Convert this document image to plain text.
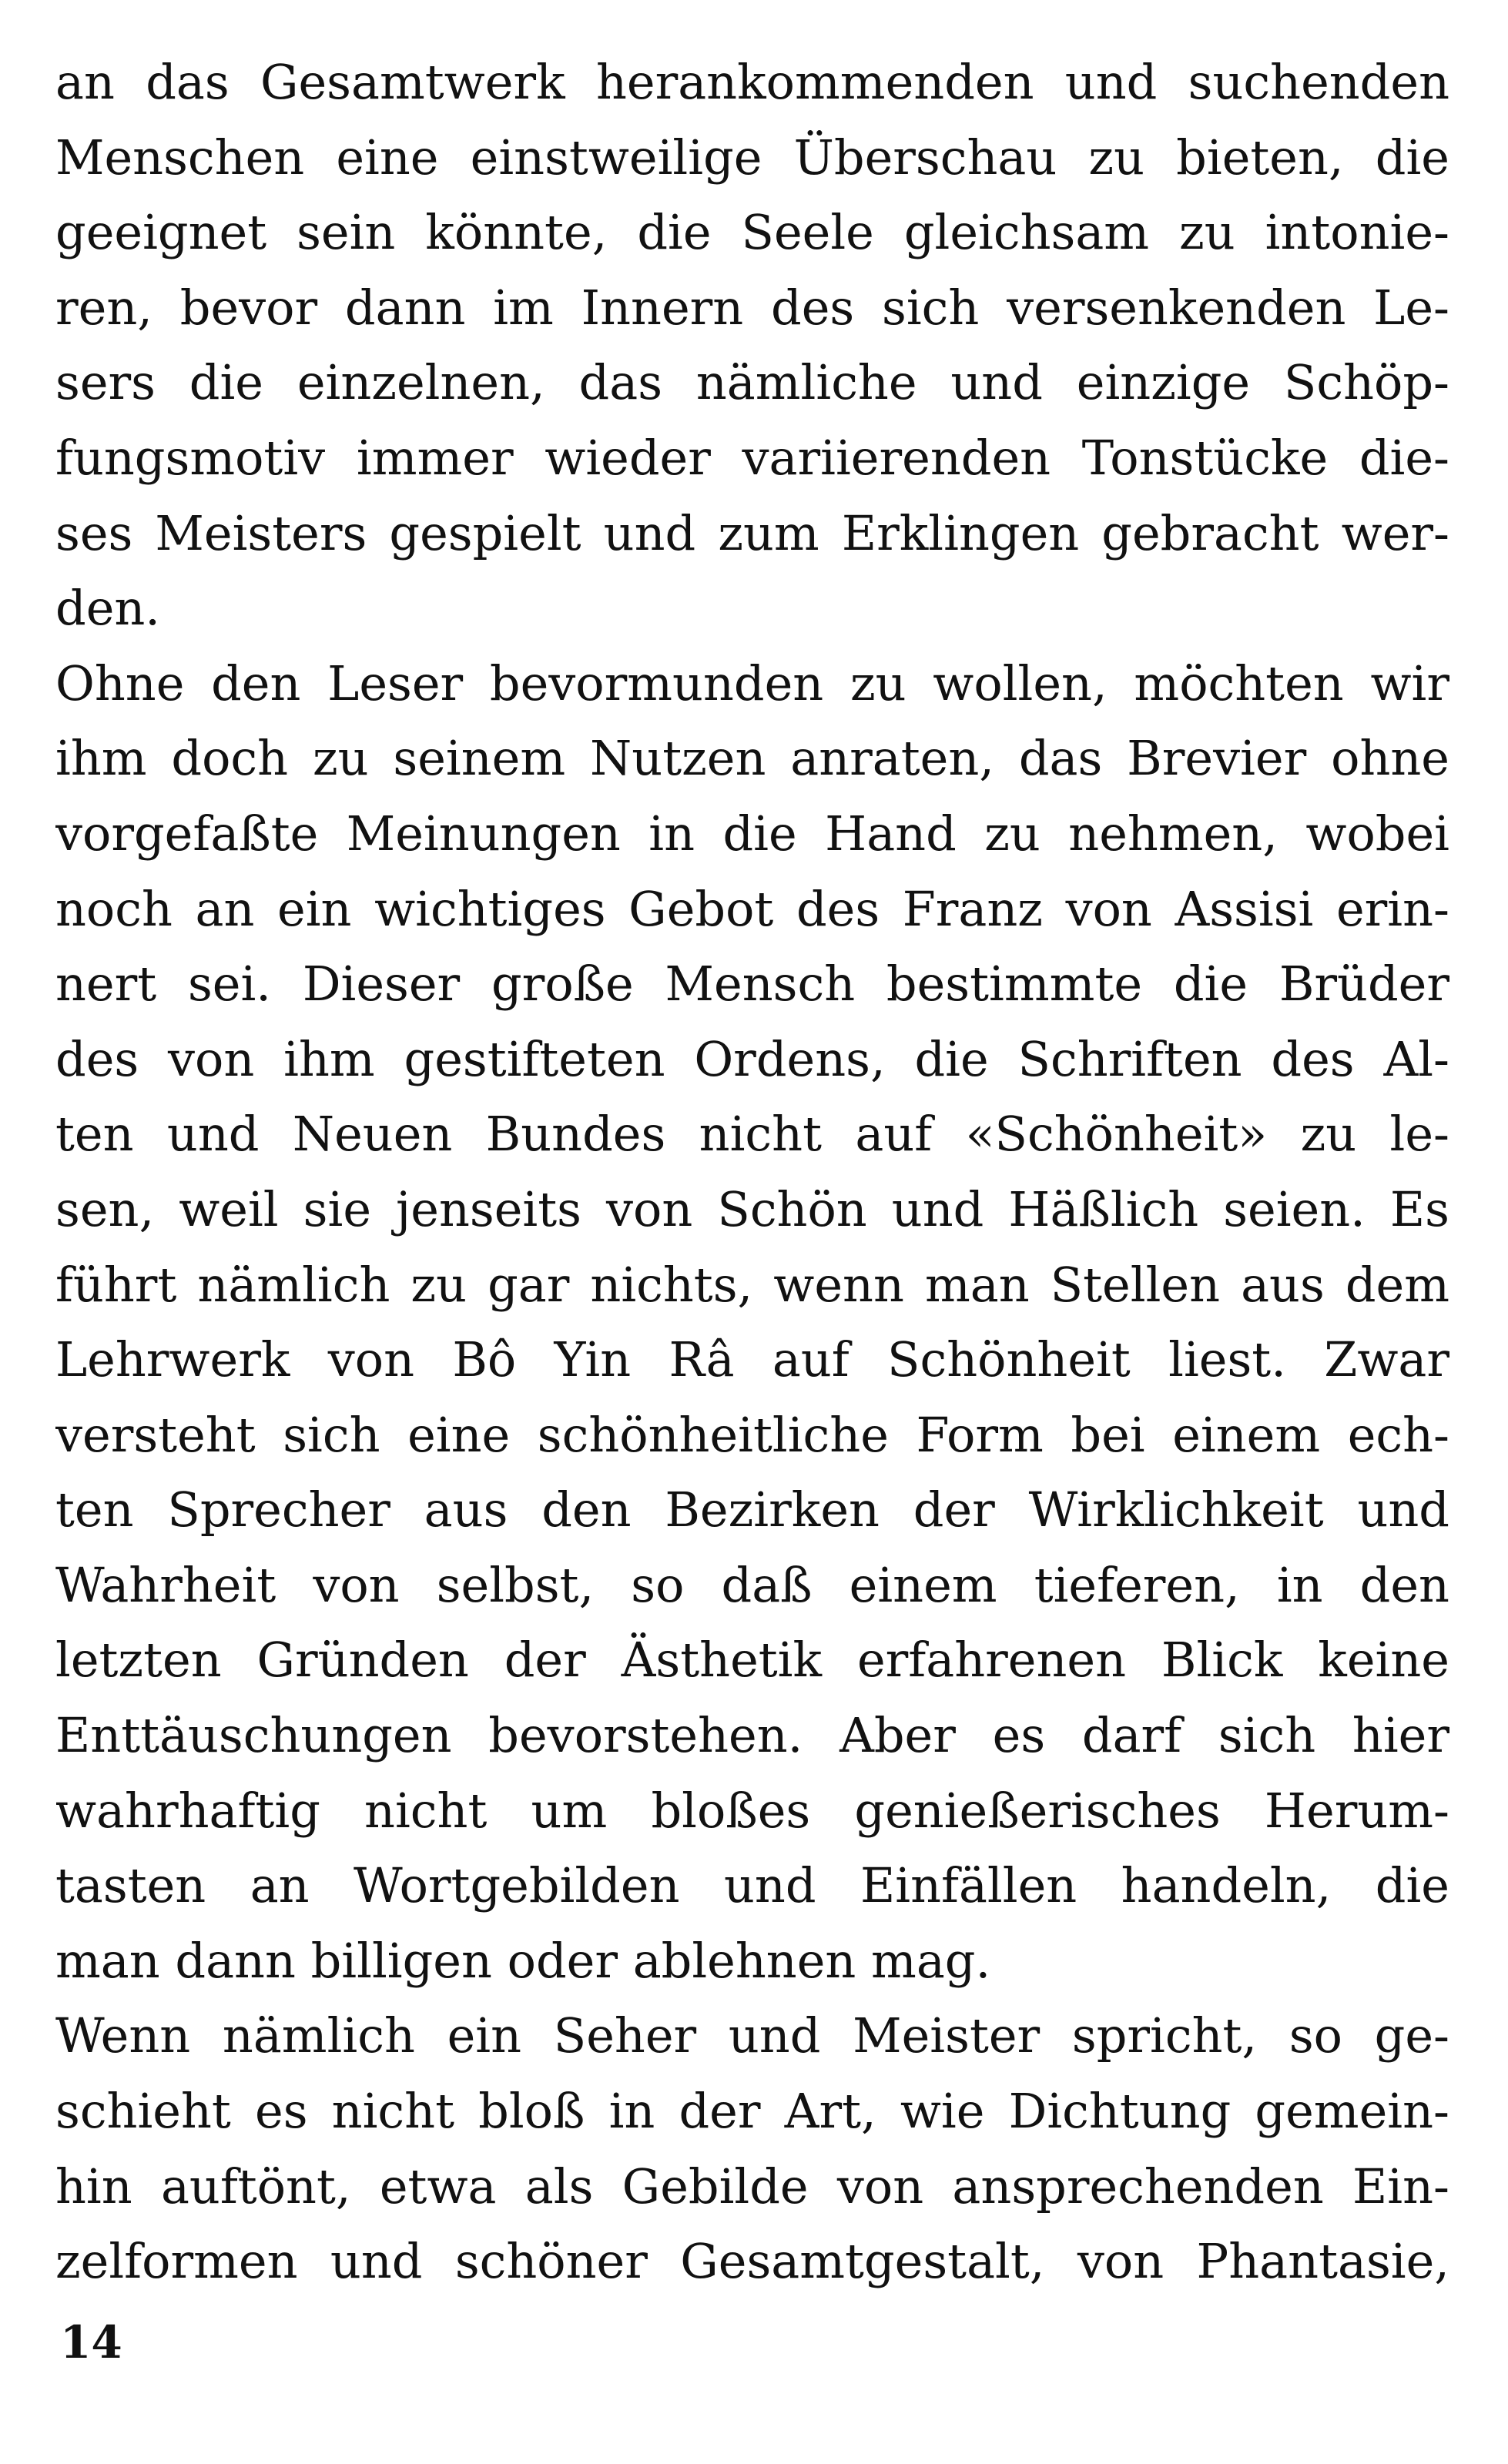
an das Gesamtwerk herankommenden und suchenden
Menschen eine einstweilige Überschau zu bieten, die
geeignet sein könnte, die Seele gleichsam zu intonie-
ren, bevor dann im Innern des sich versenkenden Le-
sers die einzelnen, das nämliche und einzige Schöp-
fungsmotiv immer wieder variierenden Tonstücke die-
ses Meisters gespielt und zum Erklingen gebracht wer-
den.
Ohne den Leser bevormunden zu wollen, möchten wir
ihm doch zu seinem Nutzen anraten, das Brevier ohne
vorgefaßte Meinungen in die Hand zu nehmen, wobei
noch an ein wichtiges Gebot des Franz von Assisi erin-
nert sei. Dieser große Mensch bestimmte die Brüder
des von ihm gestifteten Ordens, die Schriften des Al-
ten und Neuen Bundes nicht auf «Schönheit» zu le-
sen, weil sie jenseits von Schön und Häßlich seien. Es
führt nämlich zu gar nichts, wenn man Stellen aus dem
Lehrwerk von Bô Yin Râ auf Schönheit liest. Zwar
versteht sich eine schönheitliche Form bei einem ech-
ten Sprecher aus den Bezirken der Wirklichkeit und
Wahrheit von selbst, so daß einem tieferen, in den
letzten Gründen der Ästhetik erfahrenen Blick keine
Enttäuschungen bevorstehen. Aber es darf sich hier
wahrhaftig nicht um bloßes genießerisches Herum-
tasten an Wortgebilden und Einfällen handeln, die
man dann billigen oder ablehnen mag.
Wenn nämlich ein Seher und Meister spricht, so ge-
schieht es nicht bloß in der Art, wie Dichtung gemein-
hin auftönt, etwa als Gebilde von ansprechenden Ein-
zelformen und schöner Gesamtgestalt, von Phantasie,
14
